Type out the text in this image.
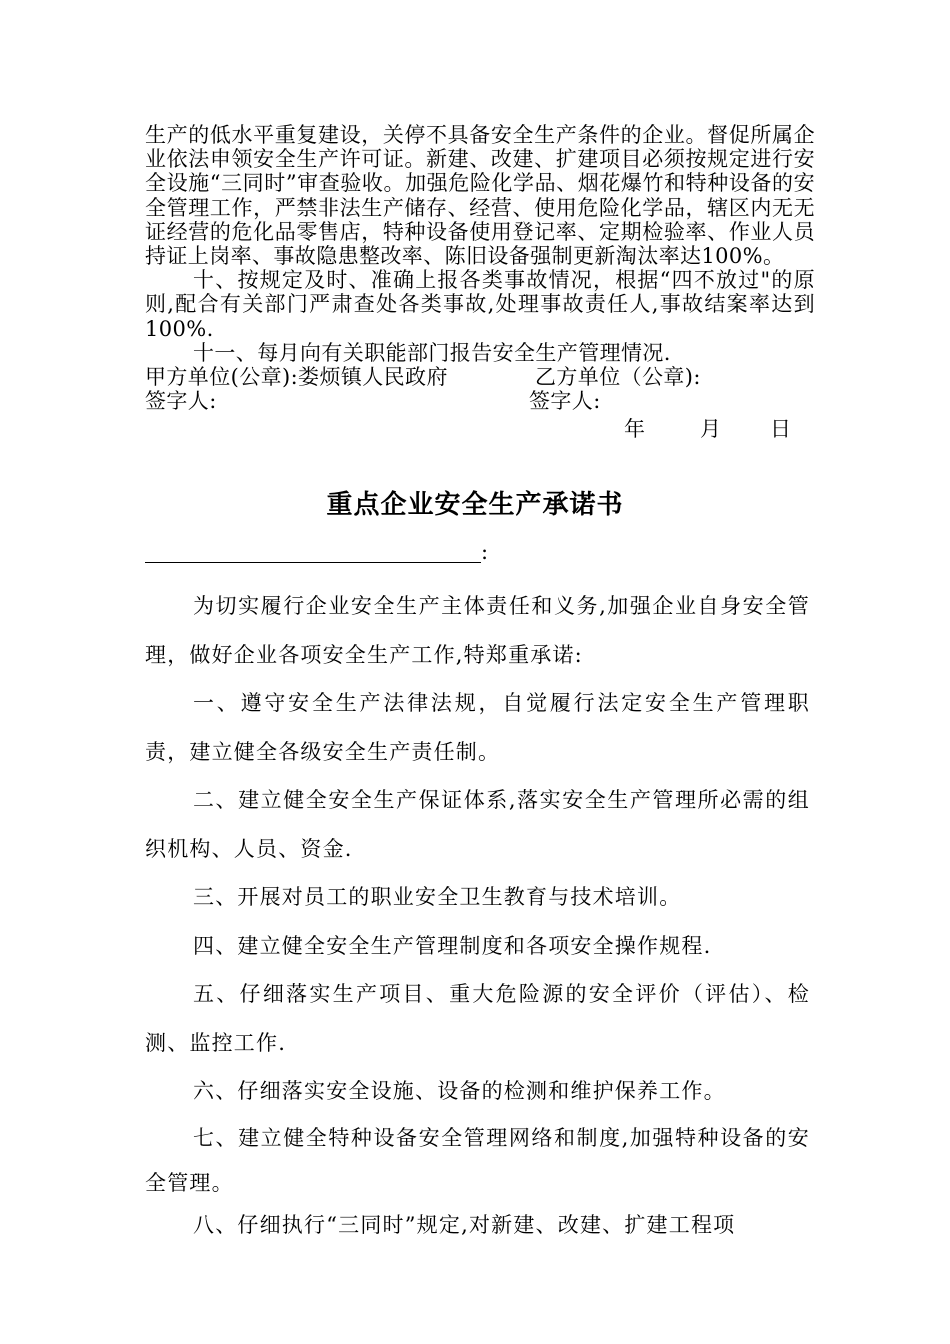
生产的低水平重复建设，关停不具备安全生产条件的企业。督促所属企业依法申领安全生产许可证。新建、改建、扩建项目必须按规定进行安全设施“三同时”审查验收。加强危险化学品、烟花爆竹和特种设备的安全管理工作，严禁非法生产储存、经营、使用危险化学品，辖区内无无证经营的危化品零售店，特种设备使用登记率、定期检验率、作业人员持证上岗率、事故隐患整改率、陈旧设备强制更新淘汰率达100%。

十、按规定及时、准确上报各类事故情况，根据“四不放过"的原则,配合有关部门严肃查处各类事故,处理事故责任人,事故结案率达到100%.

十一、每月向有关职能部门报告安全生产管理情况.

甲方单位(公章):娄烦镇人民政府	乙方单位（公章):
签字人:	签字人:
年	月 日
重点企业安全生产承诺书
:

为切实履行企业安全生产主体责任和义务,加强企业自身安全管理，做好企业各项安全生产工作,特郑重承诺:

一、遵守安全生产法律法规，自觉履行法定安全生产管理职责，建立健全各级安全生产责任制。

二、建立健全安全生产保证体系,落实安全生产管理所必需的组织机构、人员、资金.

三、开展对员工的职业安全卫生教育与技术培训。

四、建立健全安全生产管理制度和各项安全操作规程.

五、仔细落实生产项目、重大危险源的安全评价（评估）、检测、监控工作.

六、仔细落实安全设施、设备的检测和维护保养工作。

七、建立健全特种设备安全管理网络和制度,加强特种设备的安全管理。

八、仔细执行“三同时”规定,对新建、改建、扩建工程项
